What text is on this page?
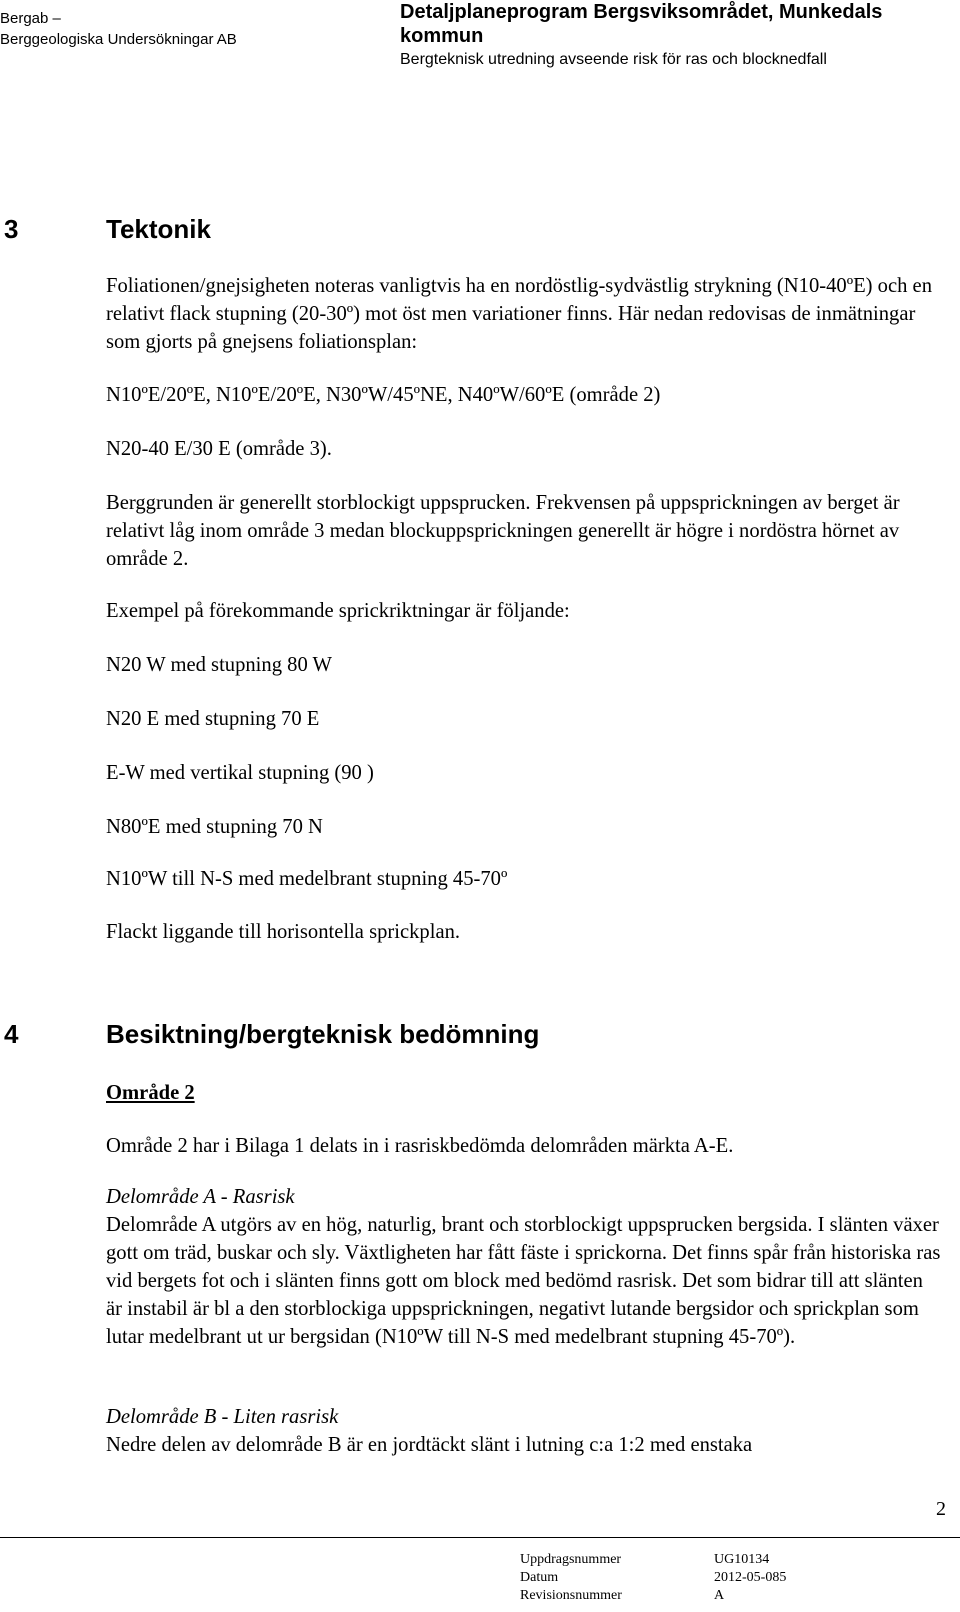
Bergab –
Berggeologiska Undersökningar AB
Detaljplaneprogram Bergsviksområdet, Munkedals kommun
Bergteknisk utredning avseende risk för ras och blocknedfall
3	Tektonik
Foliationen/gnejsigheten noteras vanligtvis ha en nordöstlig-sydvästlig strykning (N10-40ºE) och en relativt flack stupning (20-30º) mot öst men variationer finns. Här nedan redovisas de inmätningar som gjorts på gnejsens foliationsplan:
N10ºE/20ºE, N10ºE/20ºE, N30ºW/45ºNE, N40ºW/60ºE (område 2)
N20-40 E/30 E (område 3).
Berggrunden är generellt storblockigt uppsprucken. Frekvensen på uppsprickningen av berget är relativt låg inom område 3 medan blockuppsprickningen generellt är högre i nordöstra hörnet av område 2.
Exempel på förekommande sprickriktningar är följande:
N20 W med stupning 80 W
N20 E med stupning 70 E
E-W med vertikal stupning (90 )
N80ºE med stupning 70 N
N10ºW till N-S med medelbrant stupning 45-70º
Flackt liggande till horisontella sprickplan.
4	Besiktning/bergteknisk bedömning
Område 2
Område 2 har i Bilaga 1 delats in i rasriskbedömda delområden märkta A-E.
Delområde A - Rasrisk
Delområde A utgörs av en hög, naturlig, brant och storblockigt uppsprucken bergsida. I slänten växer gott om träd, buskar och sly. Växtligheten har fått fäste i sprickorna. Det finns spår från historiska ras vid bergets fot och i slänten finns gott om block med bedömd rasrisk. Det som bidrar till att slänten är instabil är bl a den storblockiga uppsprickningen, negativt lutande bergsidor och sprickplan som lutar medelbrant ut ur bergsidan (N10ºW till N-S med medelbrant stupning 45-70º).
Delområde B - Liten rasrisk
Nedre delen av delområde B är en jordtäckt slänt i lutning c:a 1:2 med enstaka
2
Uppdragsnummer	UG10134
Datum	2012-05-085
Revisionsnummer	A
